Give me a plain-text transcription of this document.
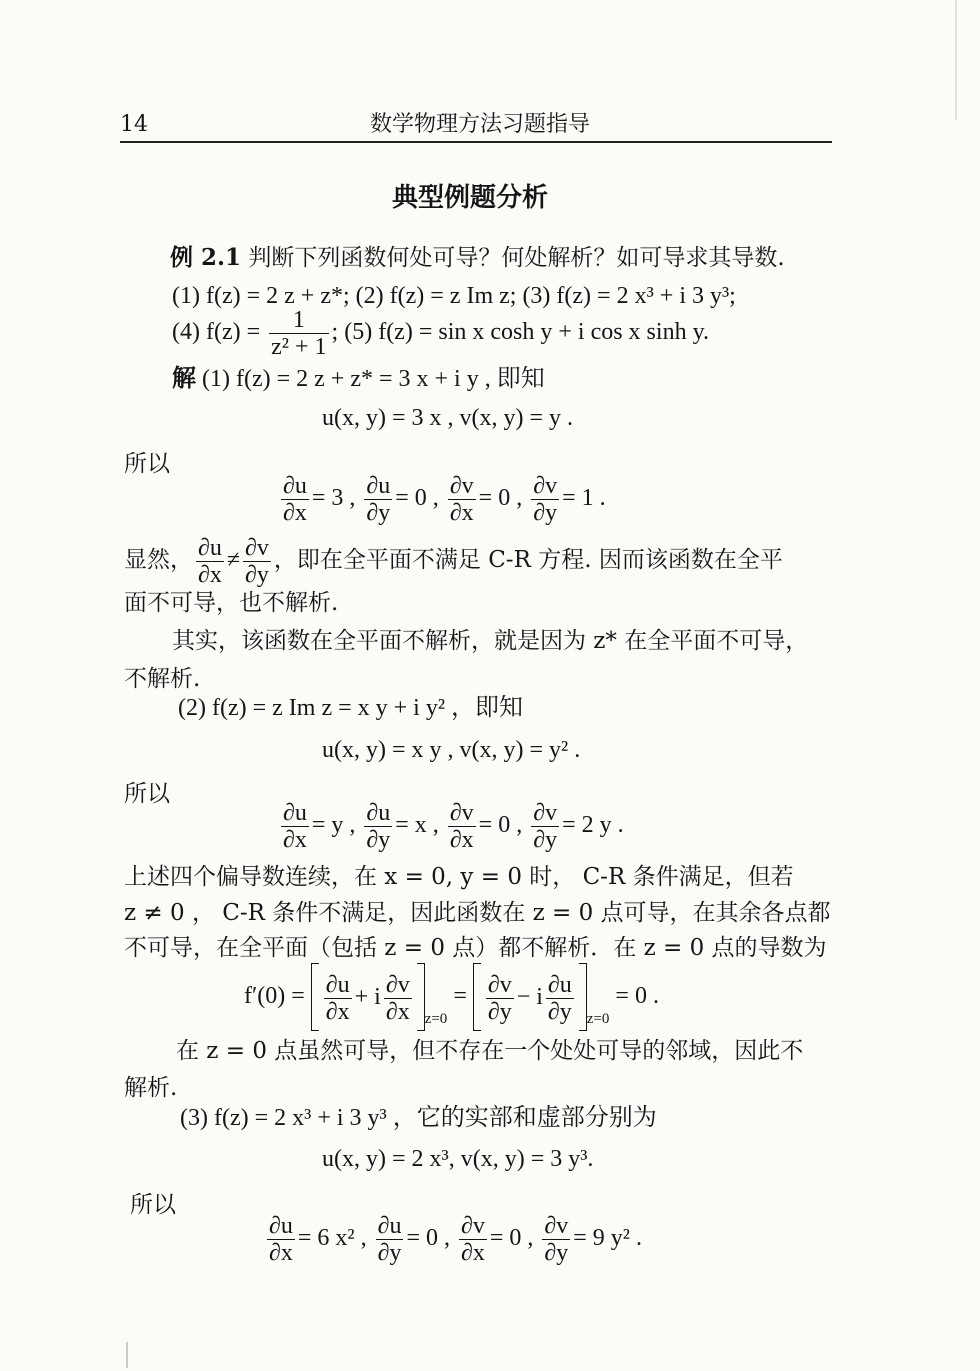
14	数学物理方法习题指导
典型例题分析
例 2.1 判断下列函数何处可导？何处解析？如可导求其导数.
(1) f(z) = 2 z + z*; (2) f(z) = z Im z; (3) f(z) = 2 x³ + i 3 y³;
(4) $f(z) = \frac{1}{\text{z² + 1}}$ ; (5) f(z) = sin x cosh y + i cos x sinh y.
解 (1) f(z) = 2 z + z* = 3 x + i y , 即知
u(x, y) = 3 x , v(x, y) = y .
所以
$\frac{\partial u}{\partial x} = 3$ , $\frac{\partial u}{\partial y} = 0$ , $\frac{\partial v}{\partial x} = 0$ , $\frac{\partial v}{\partial y} = 1$ .
显然， $\frac{\partial u}{\partial x} \ne \frac{\partial v}{\partial y}$ ，即在全平面不满足 C-R 方程. 因而该函数在全平
面不可导，也不解析.
其实，该函数在全平面不解析，就是因为 z* 在全平面不可导，
不解析.
(2) f(z) = z Im z = x y + i y² ，即知
u(x, y) = x y , v(x, y) = y² .
所以
$\frac{\partial u}{\partial x} = y$ , $\frac{\partial u}{\partial y} = x$ , $\frac{\partial v}{\partial x} = 0$ , $\frac{\partial v}{\partial y} = 2$ y .
上述四个偏导数连续，在 x = 0, y = 0 时， C-R 条件满足，但若
z ≠ 0 ， C-R 条件不满足，因此函数在 z = 0 点可导，在其余各点都
不可导，在全平面（包括 z = 0 点）都不解析．在 z = 0 点的导数为
$f'(0) = \frac{\partial u}{\partial x} + i \frac{\partial v}{\partial x} _{z=0} = \frac{\partial v}{\partial y} - i \frac{\partial u}{\partial y} _{z=0} = 0$ .
在 z = 0 点虽然可导，但不存在一个处处可导的邻域，因此不
解析.
(3) f(z) = 2 x³ + i 3 y³ ，它的实部和虚部分别为
u(x, y) = 2 x³, v(x, y) = 3 y³.
所以
$\frac{\partial u}{\partial x} = 6$ x² , $\frac{\partial u}{\partial y} = 0$ , $\frac{\partial v}{\partial x} = 0$ , $\frac{\partial v}{\partial y} = 9$ y² .
